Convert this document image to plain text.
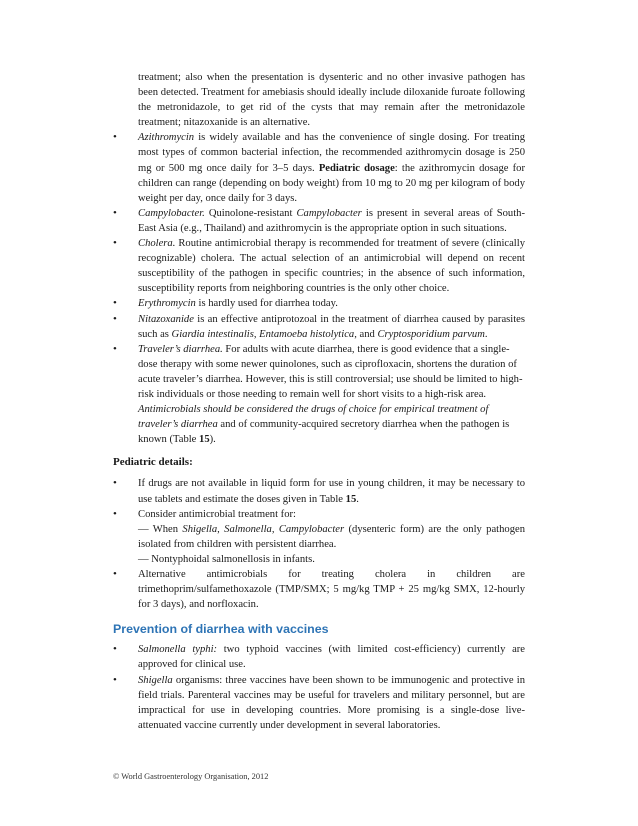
treatment; also when the presentation is dysenteric and no other invasive pathogen has been detected. Treatment for amebiasis should ideally include diloxanide furoate following the metronidazole, to get rid of the cysts that may remain after the metronidazole treatment; nitazoxanide is an alternative.

• Azithromycin is widely available and has the convenience of single dosing. For treating most types of common bacterial infection, the recommended azithromycin dosage is 250 mg or 500 mg once daily for 3–5 days. Pediatric dosage: the azithromycin dosage for children can range (depending on body weight) from 10 mg to 20 mg per kilogram of body weight per day, once daily for 3 days.

• Campylobacter. Quinolone-resistant Campylobacter is present in several areas of South-East Asia (e.g., Thailand) and azithromycin is the appropriate option in such situations.

• Cholera. Routine antimicrobial therapy is recommended for treatment of severe (clinically recognizable) cholera. The actual selection of an antimicrobial will depend on recent susceptibility of the pathogen in specific countries; in the absence of such information, susceptibility reports from neighboring countries is the only other choice.

• Erythromycin is hardly used for diarrhea today.

• Nitazoxanide is an effective antiprotozoal in the treatment of diarrhea caused by parasites such as Giardia intestinalis, Entamoeba histolytica, and Cryptosporidium parvum.

• Traveler’s diarrhea. For adults with acute diarrhea, there is good evidence that a single-dose therapy with some newer quinolones, such as ciprofloxacin, shortens the duration of acute traveler’s diarrhea. However, this is still controversial; use should be limited to high-risk individuals or those needing to remain well for short visits to a high-risk area. Antimicrobials should be considered the drugs of choice for empirical treatment of traveler’s diarrhea and of community-acquired secretory diarrhea when the pathogen is known (Table 15).

Pediatric details:

• If drugs are not available in liquid form for use in young children, it may be necessary to use tablets and estimate the doses given in Table 15.

• Consider antimicrobial treatment for:

— When Shigella, Salmonella, Campylobacter (dysenteric form) are the only pathogen isolated from children with persistent diarrhea.

— Nontyphoidal salmonellosis in infants.

• Alternative antimicrobials for treating cholera in children are trimethoprim/sulfamethoxazole (TMP/SMX; 5 mg/kg TMP + 25 mg/kg SMX, 12-hourly for 3 days), and norfloxacin.

Prevention of diarrhea with vaccines

• Salmonella typhi: two typhoid vaccines (with limited cost-efficiency) currently are approved for clinical use.

• Shigella organisms: three vaccines have been shown to be immunogenic and protective in field trials. Parenteral vaccines may be useful for travelers and military personnel, but are impractical for use in developing countries. More promising is a single-dose live-attenuated vaccine currently under development in several laboratories.

© World Gastroenterology Organisation, 2012
